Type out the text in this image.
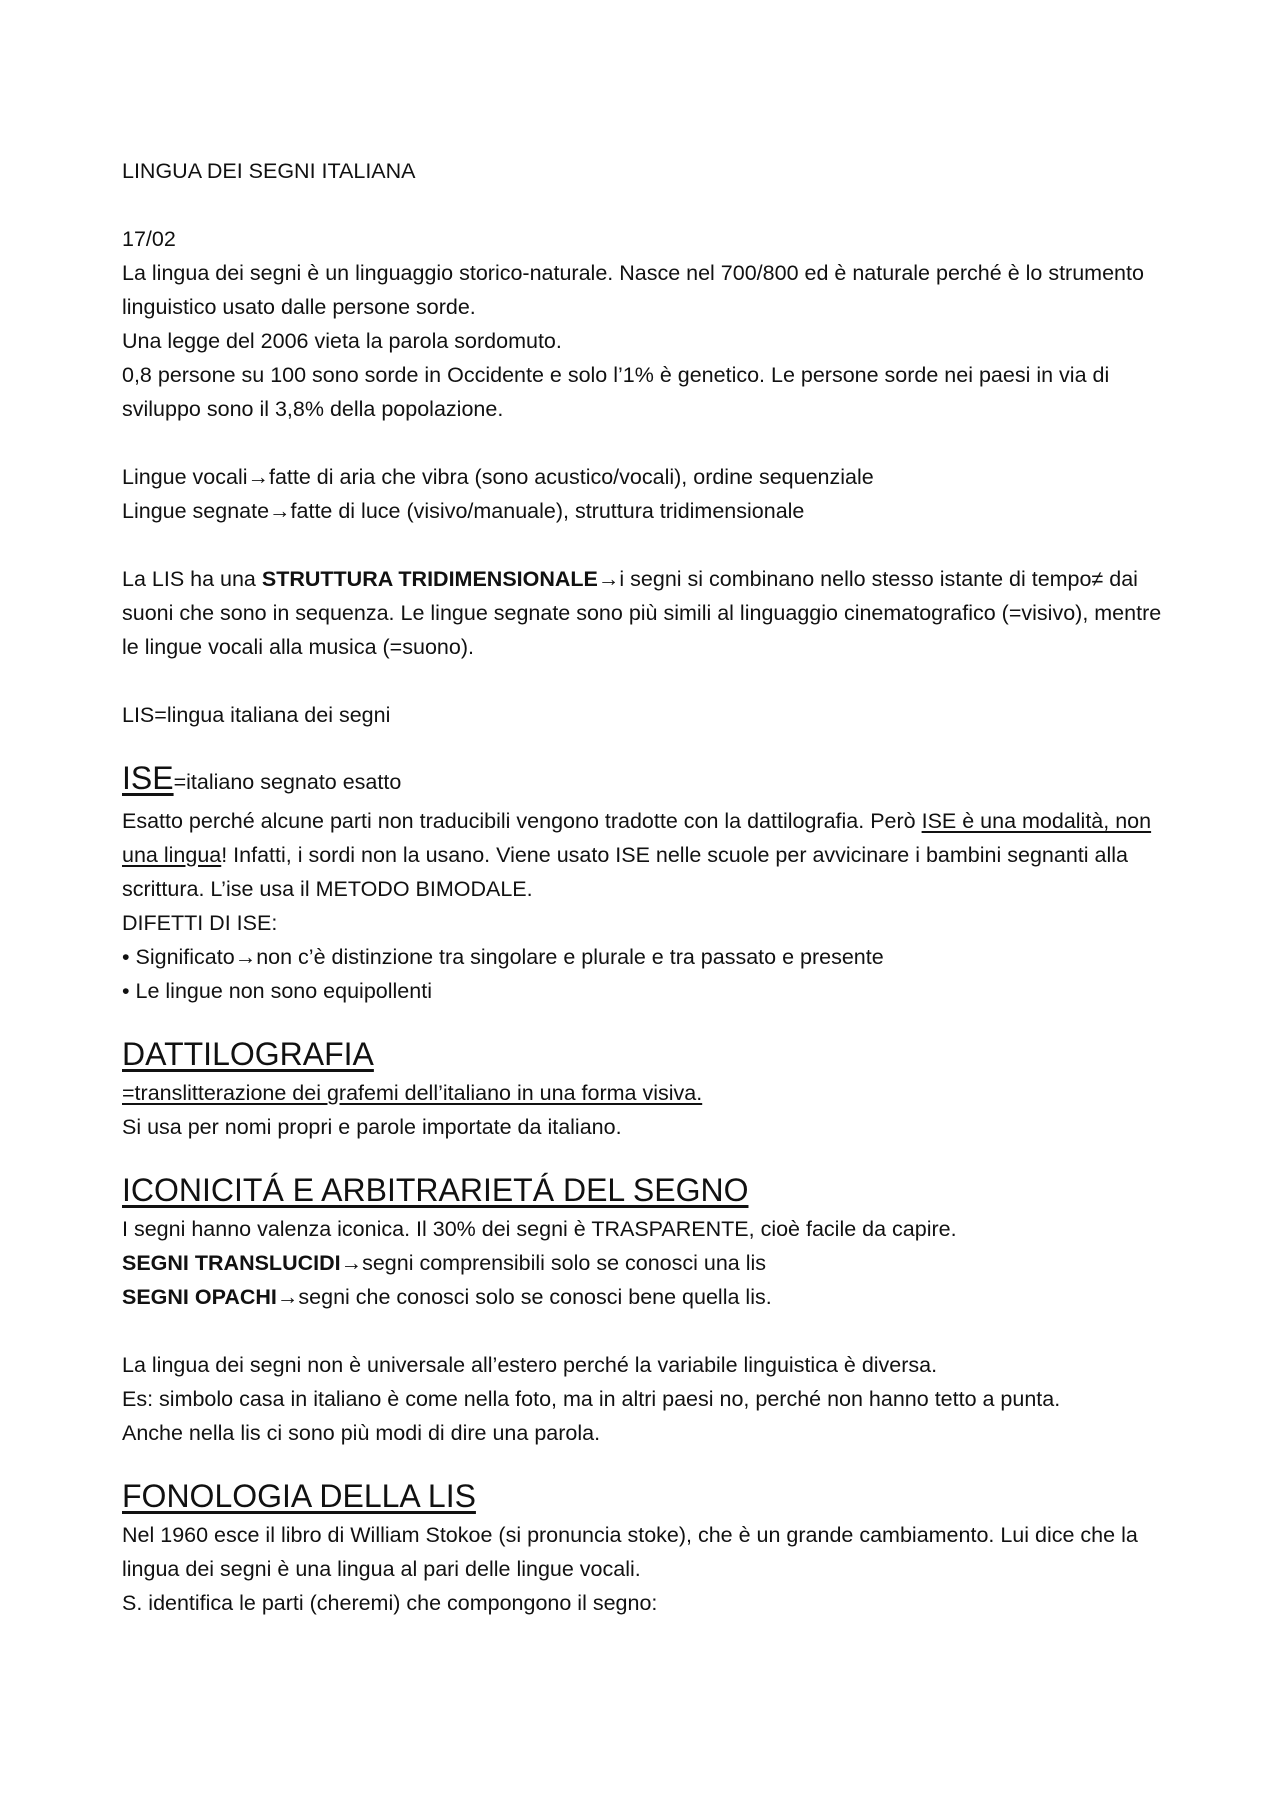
LINGUA DEI SEGNI ITALIANA

17/02

La lingua dei segni è un linguaggio storico-naturale. Nasce nel 700/800 ed è naturale perché è lo strumento linguistico usato dalle persone sorde.

Una legge del 2006 vieta la parola sordomuto.

0,8 persone su 100 sono sorde in Occidente e solo l’1% è genetico. Le persone sorde nei paesi in via di sviluppo sono il 3,8% della popolazione.

Lingue vocali→fatte di aria che vibra (sono acustico/vocali), ordine sequenziale

Lingue segnate→fatte di luce (visivo/manuale), struttura tridimensionale

La LIS ha una STRUTTURA TRIDIMENSIONALE→i segni si combinano nello stesso istante di tempo≠ dai suoni che sono in sequenza. Le lingue segnate sono più simili al linguaggio cinematografico (=visivo), mentre le lingue vocali alla musica (=suono).

LIS=lingua italiana dei segni

ISE=italiano segnato esatto

Esatto perché alcune parti non traducibili vengono tradotte con la dattilografia. Però ISE è una modalità, non una lingua! Infatti, i sordi non la usano. Viene usato ISE nelle scuole per avvicinare i bambini segnanti alla scrittura. L’ise usa il METODO BIMODALE.

DIFETTI DI ISE:

• Significato→non c’è distinzione tra singolare e plurale e tra passato e presente

• Le lingue non sono equipollenti

DATTILOGRAFIA

=translitterazione dei grafemi dell’italiano in una forma visiva.

Si usa per nomi propri e parole importate da italiano.

ICONICITÁ E ARBITRARIETÁ DEL SEGNO

I segni hanno valenza iconica. Il 30% dei segni è TRASPARENTE, cioè facile da capire.

SEGNI TRANSLUCIDI→segni comprensibili solo se conosci una lis

SEGNI OPACHI→segni che conosci solo se conosci bene quella lis.

La lingua dei segni non è universale all’estero perché la variabile linguistica è diversa.

Es: simbolo casa in italiano è come nella foto, ma in altri paesi no, perché non hanno tetto a punta.

Anche nella lis ci sono più modi di dire una parola.

FONOLOGIA DELLA LIS

Nel 1960 esce il libro di William Stokoe (si pronuncia stoke), che è un grande cambiamento. Lui dice che la lingua dei segni è una lingua al pari delle lingue vocali.

S. identifica le parti (cheremi) che compongono il segno:
